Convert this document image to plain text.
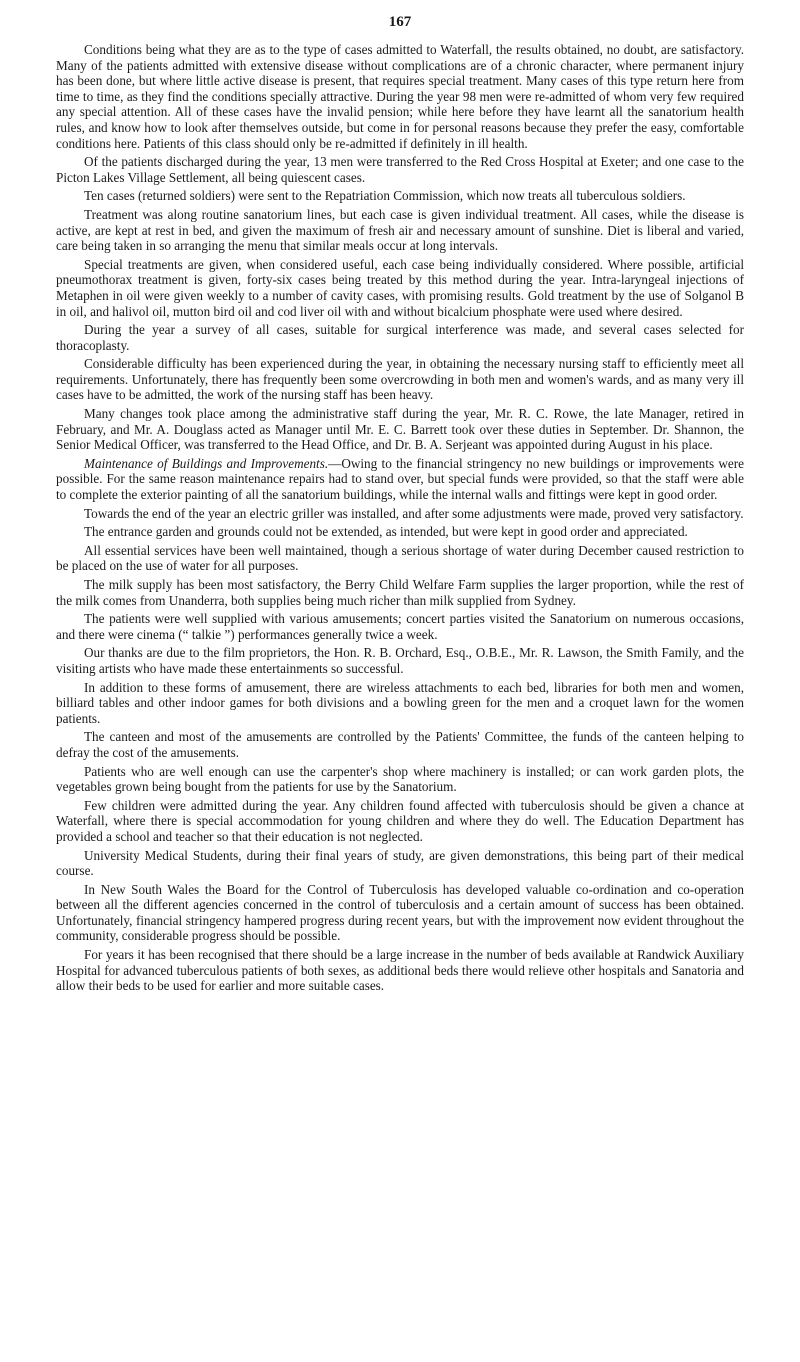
167

Conditions being what they are as to the type of cases admitted to Waterfall, the results obtained, no doubt, are satisfactory. Many of the patients admitted with extensive disease without complications are of a chronic character, where permanent injury has been done, but where little active disease is present, that requires special treatment. Many cases of this type return here from time to time, as they find the conditions specially attractive. During the year 98 men were re-admitted of whom very few required any special attention. All of these cases have the invalid pension; while here before they have learnt all the sanatorium health rules, and know how to look after themselves outside, but come in for personal reasons because they prefer the easy, comfortable conditions here. Patients of this class should only be re-admitted if definitely in ill health.

Of the patients discharged during the year, 13 men were transferred to the Red Cross Hospital at Exeter; and one case to the Picton Lakes Village Settlement, all being quiescent cases.

Ten cases (returned soldiers) were sent to the Repatriation Commission, which now treats all tuberculous soldiers.

Treatment was along routine sanatorium lines, but each case is given individual treatment. All cases, while the disease is active, are kept at rest in bed, and given the maximum of fresh air and necessary amount of sunshine. Diet is liberal and varied, care being taken in so arranging the menu that similar meals occur at long intervals.

Special treatments are given, when considered useful, each case being individually considered. Where possible, artificial pneumothorax treatment is given, forty-six cases being treated by this method during the year. Intra-laryngeal injections of Metaphen in oil were given weekly to a number of cavity cases, with promising results. Gold treatment by the use of Solganol B in oil, and halivol oil, mutton bird oil and cod liver oil with and without bicalcium phosphate were used where desired.

During the year a survey of all cases, suitable for surgical interference was made, and several cases selected for thoracoplasty.

Considerable difficulty has been experienced during the year, in obtaining the necessary nursing staff to efficiently meet all requirements. Unfortunately, there has frequently been some overcrowding in both men and women's wards, and as many very ill cases have to be admitted, the work of the nursing staff has been heavy.

Many changes took place among the administrative staff during the year, Mr. R. C. Rowe, the late Manager, retired in February, and Mr. A. Douglass acted as Manager until Mr. E. C. Barrett took over these duties in September. Dr. Shannon, the Senior Medical Officer, was transferred to the Head Office, and Dr. B. A. Serjeant was appointed during August in his place.

Maintenance of Buildings and Improvements.—Owing to the financial stringency no new buildings or improvements were possible. For the same reason maintenance repairs had to stand over, but special funds were provided, so that the staff were able to complete the exterior painting of all the sanatorium buildings, while the internal walls and fittings were kept in good order.

Towards the end of the year an electric griller was installed, and after some adjustments were made, proved very satisfactory.

The entrance garden and grounds could not be extended, as intended, but were kept in good order and appreciated.

All essential services have been well maintained, though a serious shortage of water during December caused restriction to be placed on the use of water for all purposes.

The milk supply has been most satisfactory, the Berry Child Welfare Farm supplies the larger proportion, while the rest of the milk comes from Unanderra, both supplies being much richer than milk supplied from Sydney.

The patients were well supplied with various amusements; concert parties visited the Sanatorium on numerous occasions, and there were cinema (“ talkie ”) performances generally twice a week.

Our thanks are due to the film proprietors, the Hon. R. B. Orchard, Esq., O.B.E., Mr. R. Lawson, the Smith Family, and the visiting artists who have made these entertainments so successful.

In addition to these forms of amusement, there are wireless attachments to each bed, libraries for both men and women, billiard tables and other indoor games for both divisions and a bowling green for the men and a croquet lawn for the women patients.

The canteen and most of the amusements are controlled by the Patients' Committee, the funds of the canteen helping to defray the cost of the amusements.

Patients who are well enough can use the carpenter's shop where machinery is installed; or can work garden plots, the vegetables grown being bought from the patients for use by the Sanatorium.

Few children were admitted during the year. Any children found affected with tuberculosis should be given a chance at Waterfall, where there is special accommodation for young children and where they do well. The Education Department has provided a school and teacher so that their education is not neglected.

University Medical Students, during their final years of study, are given demonstrations, this being part of their medical course.

In New South Wales the Board for the Control of Tuberculosis has developed valuable co-ordination and co-operation between all the different agencies concerned in the control of tuberculosis and a certain amount of success has been obtained. Unfortunately, financial stringency hampered progress during recent years, but with the improvement now evident throughout the community, considerable progress should be possible.

For years it has been recognised that there should be a large increase in the number of beds available at Randwick Auxiliary Hospital for advanced tuberculous patients of both sexes, as additional beds there would relieve other hospitals and Sanatoria and allow their beds to be used for earlier and more suitable cases.
